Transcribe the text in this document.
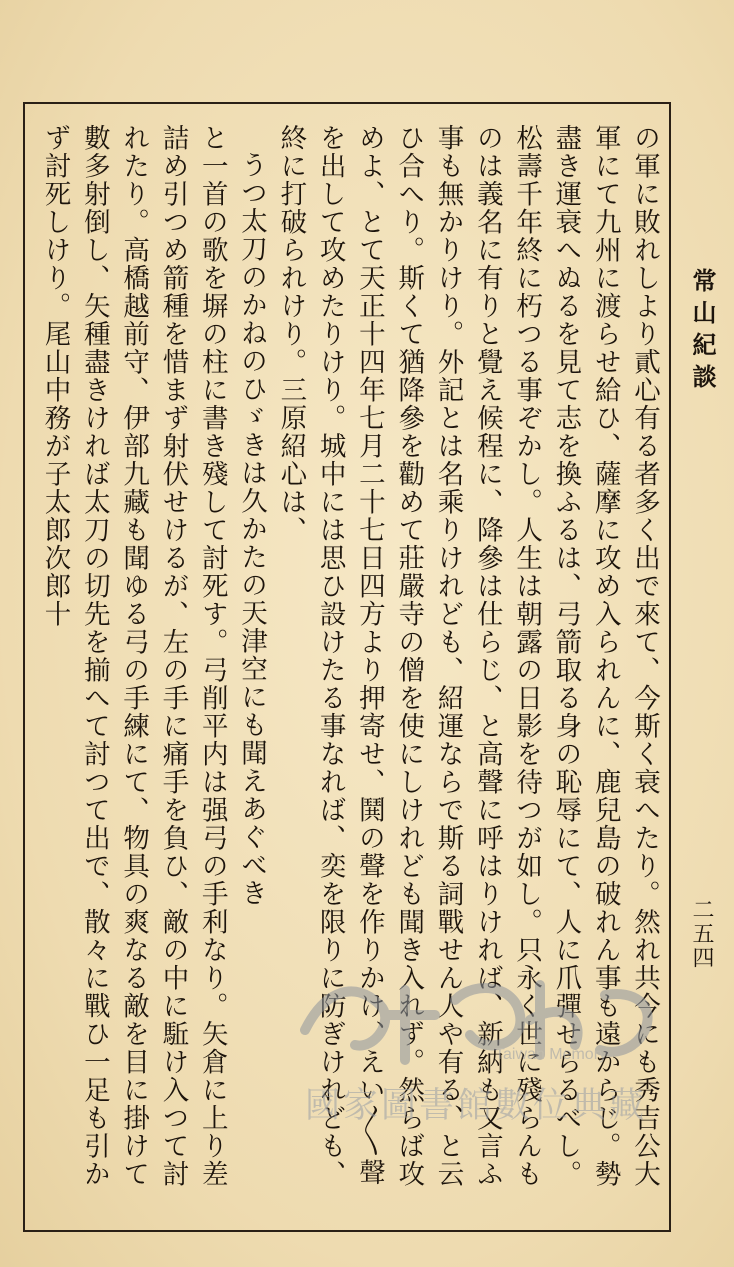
常山紀談
二五四

の軍に敗れしより貳心有る者多く出で來て、今斯く衰へたり。然れ共今にも秀吉公大軍にて九州に渡らせ給ひ、薩摩に攻め入られんに、鹿兒島の破れん事も遠からじ。勢盡き運衰へぬるを見て志を換ふるは、弓箭取る身の恥辱にて、人に爪彈せらるべし。松壽千年終に朽つる事ぞかし。人生は朝露の日影を待つが如し。只永く世に殘らんものは義名に有りと覺え候程に、降參は仕らじ、と高聲に呼はりければ、新納も又言ふ事も無かりけり。外記とは名乘りけれども、紹運ならで斯る詞戰せん人や有る、と云ひ合へり。斯くて猶降參を勸めて莊嚴寺の僧を使にしけれども聞き入れず。然らば攻めよ、とて天正十四年七月二十七日四方より押寄せ、鬨の聲を作りかけ、えい〳〵聲を出して攻めたりけり。城中には思ひ設けたる事なれば、奕を限りに防ぎけれども、終に打破られけり。三原紹心は、

うつ太刀のかねのひゞきは久かたの天津空にも聞えあぐべき

と一首の歌を塀の柱に書き殘して討死す。弓削平内は强弓の手利なり。矢倉に上り差詰め引つめ箭種を惜まず射伏せけるが、左の手に痛手を負ひ、敵の中に駈け入つて討れたり。高橋越前守、伊部九藏も聞ゆる弓の手練にて、物具の爽なる敵を目に掛けて數多射倒し、矢種盡きければ太刀の切先を揃へて討つて出で、散々に戰ひ一足も引かず討死しけり。尾山中務が子太郎次郎十

Taiwan Memory
國家圖書館數位典藏
